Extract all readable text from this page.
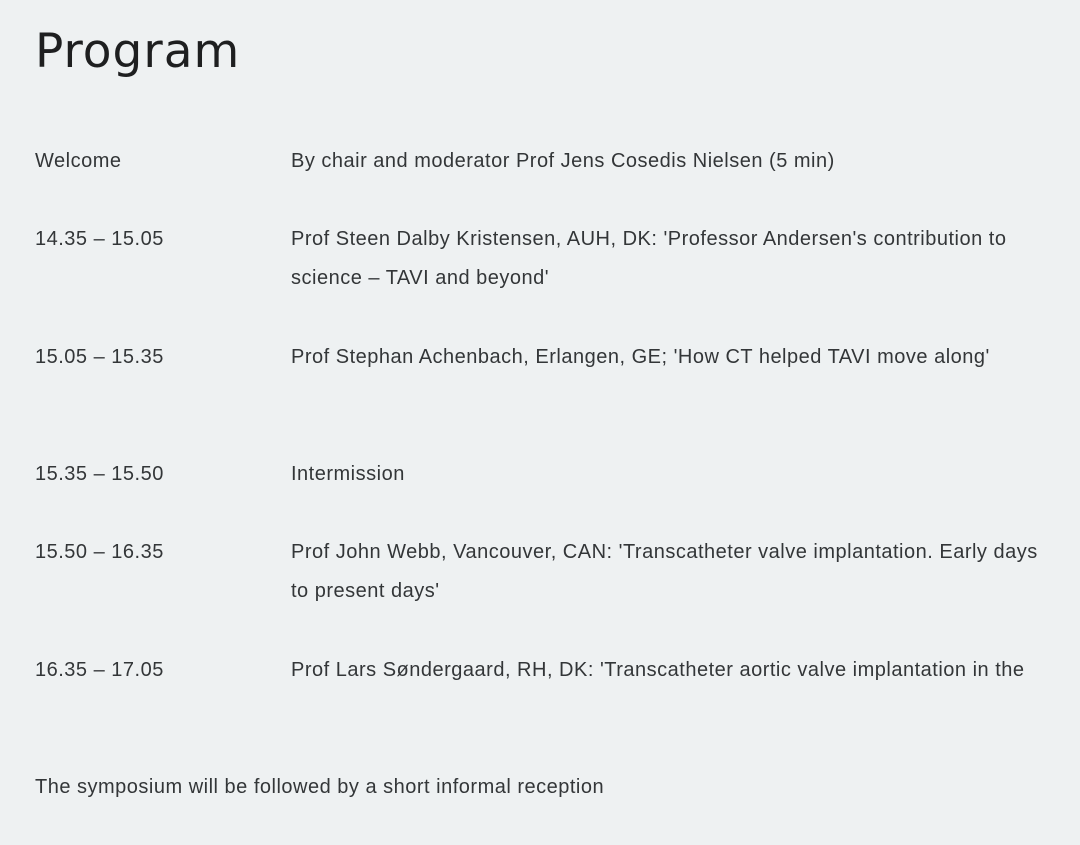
Program
Welcome	By chair and moderator Prof Jens Cosedis Nielsen (5 min)
14.35 – 15.05	Prof Steen Dalby Kristensen, AUH, DK: 'Professor Andersen's contribution to science – TAVI and beyond'
15.05 – 15.35	Prof Stephan Achenbach, Erlangen, GE; 'How CT helped TAVI move along'
15.35 – 15.50	Intermission
15.50 – 16.35	Prof John Webb, Vancouver, CAN: 'Transcatheter valve implantation. Early days to present days'
16.35 – 17.05	Prof Lars Søndergaard, RH, DK: 'Transcatheter aortic valve implantation in the
The symposium will be followed by a short informal reception
